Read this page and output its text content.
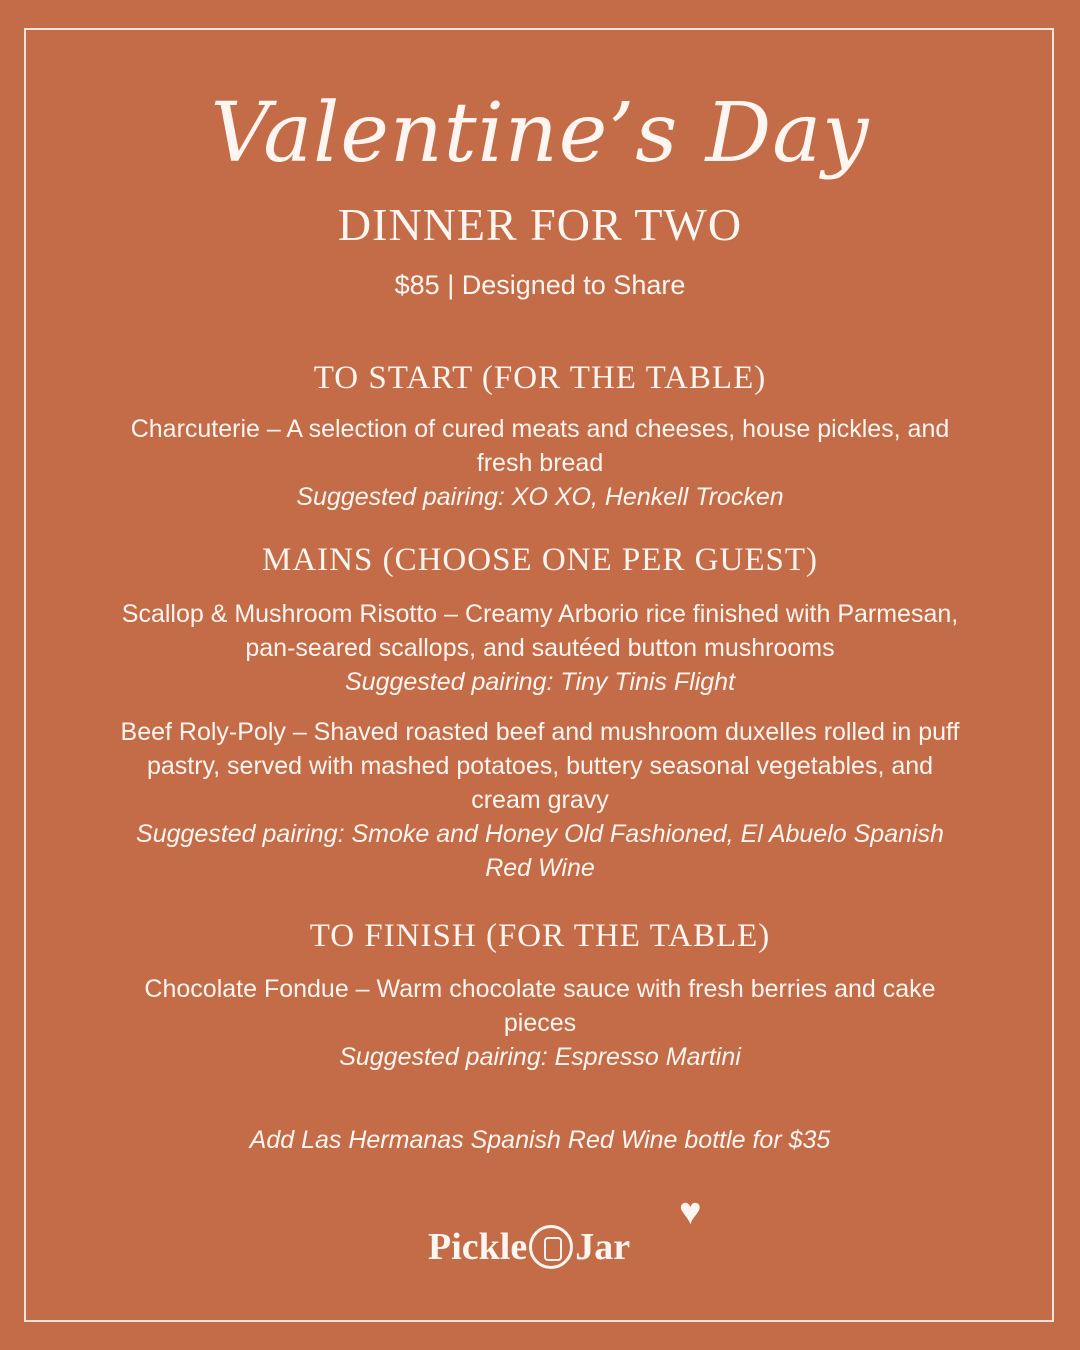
Valentine’s Day
DINNER FOR TWO
$85 | Designed to Share
TO START (FOR THE TABLE)
Charcuterie – A selection of cured meats and cheeses, house pickles, and fresh bread
Suggested pairing: XO XO, Henkell Trocken
MAINS (CHOOSE ONE PER GUEST)
Scallop & Mushroom Risotto – Creamy Arborio rice finished with Parmesan, pan-seared scallops, and sautéed button mushrooms
Suggested pairing: Tiny Tinis Flight
Beef Roly-Poly – Shaved roasted beef and mushroom duxelles rolled in puff pastry, served with mashed potatoes, buttery seasonal vegetables, and cream gravy
Suggested pairing: Smoke and Honey Old Fashioned, El Abuelo Spanish Red Wine
TO FINISH (FOR THE TABLE)
Chocolate Fondue – Warm chocolate sauce with fresh berries and cake pieces
Suggested pairing: Espresso Martini
Add Las Hermanas Spanish Red Wine bottle for $35
Pickle Jar
♥
